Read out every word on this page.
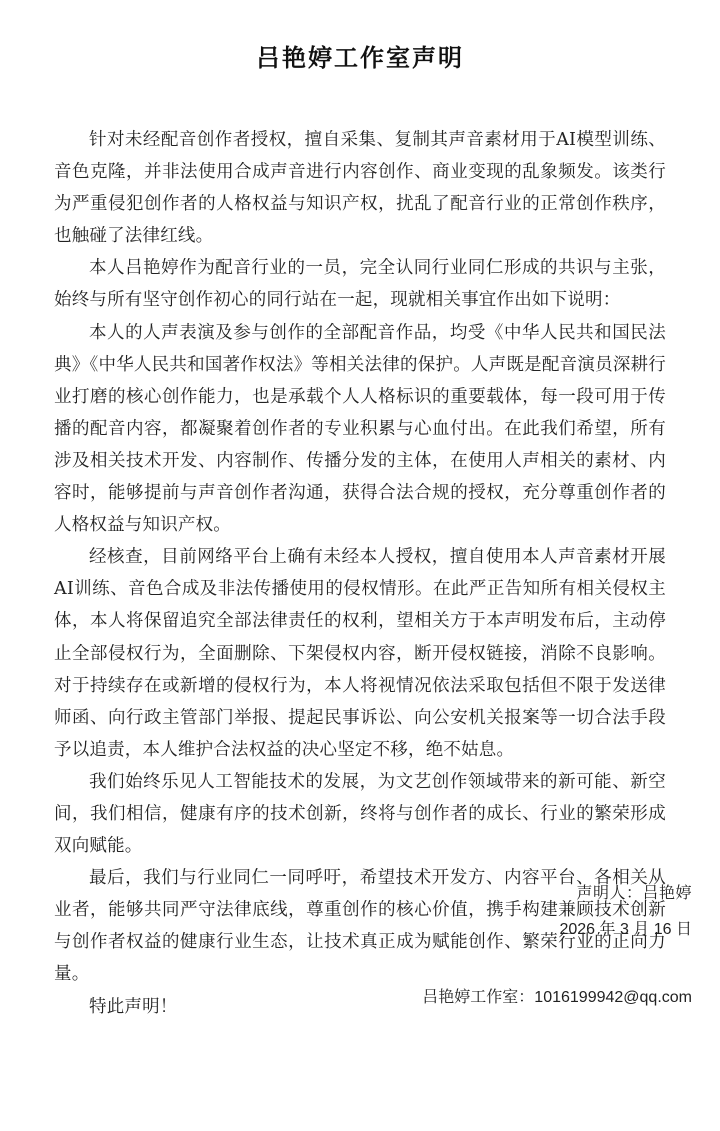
吕艳婷工作室声明

针对未经配音创作者授权，擅自采集、复制其声音素材用于AI模型训练、音色克隆，并非法使用合成声音进行内容创作、商业变现的乱象频发。该类行为严重侵犯创作者的人格权益与知识产权，扰乱了配音行业的正常创作秩序，也触碰了法律红线。

本人吕艳婷作为配音行业的一员，完全认同行业同仁形成的共识与主张，始终与所有坚守创作初心的同行站在一起，现就相关事宜作出如下说明：

本人的人声表演及参与创作的全部配音作品，均受《中华人民共和国民法典》《中华人民共和国著作权法》等相关法律的保护。人声既是配音演员深耕行业打磨的核心创作能力，也是承载个人人格标识的重要载体，每一段可用于传播的配音内容，都凝聚着创作者的专业积累与心血付出。在此我们希望，所有涉及相关技术开发、内容制作、传播分发的主体，在使用人声相关的素材、内容时，能够提前与声音创作者沟通，获得合法合规的授权，充分尊重创作者的人格权益与知识产权。

经核查，目前网络平台上确有未经本人授权，擅自使用本人声音素材开展AI训练、音色合成及非法传播使用的侵权情形。在此严正告知所有相关侵权主体，本人将保留追究全部法律责任的权利，望相关方于本声明发布后，主动停止全部侵权行为，全面删除、下架侵权内容，断开侵权链接，消除不良影响。对于持续存在或新增的侵权行为，本人将视情况依法采取包括但不限于发送律师函、向行政主管部门举报、提起民事诉讼、向公安机关报案等一切合法手段予以追责，本人维护合法权益的决心坚定不移，绝不姑息。

我们始终乐见人工智能技术的发展，为文艺创作领域带来的新可能、新空间，我们相信，健康有序的技术创新，终将与创作者的成长、行业的繁荣形成双向赋能。

最后，我们与行业同仁一同呼吁，希望技术开发方、内容平台、各相关从业者，能够共同严守法律底线，尊重创作的核心价值，携手构建兼顾技术创新与创作者权益的健康行业生态，让技术真正成为赋能创作、繁荣行业的正向力量。

特此声明！

声明人：吕艳婷
2026 年 3 月 16 日
吕艳婷工作室：1016199942@qq.com
